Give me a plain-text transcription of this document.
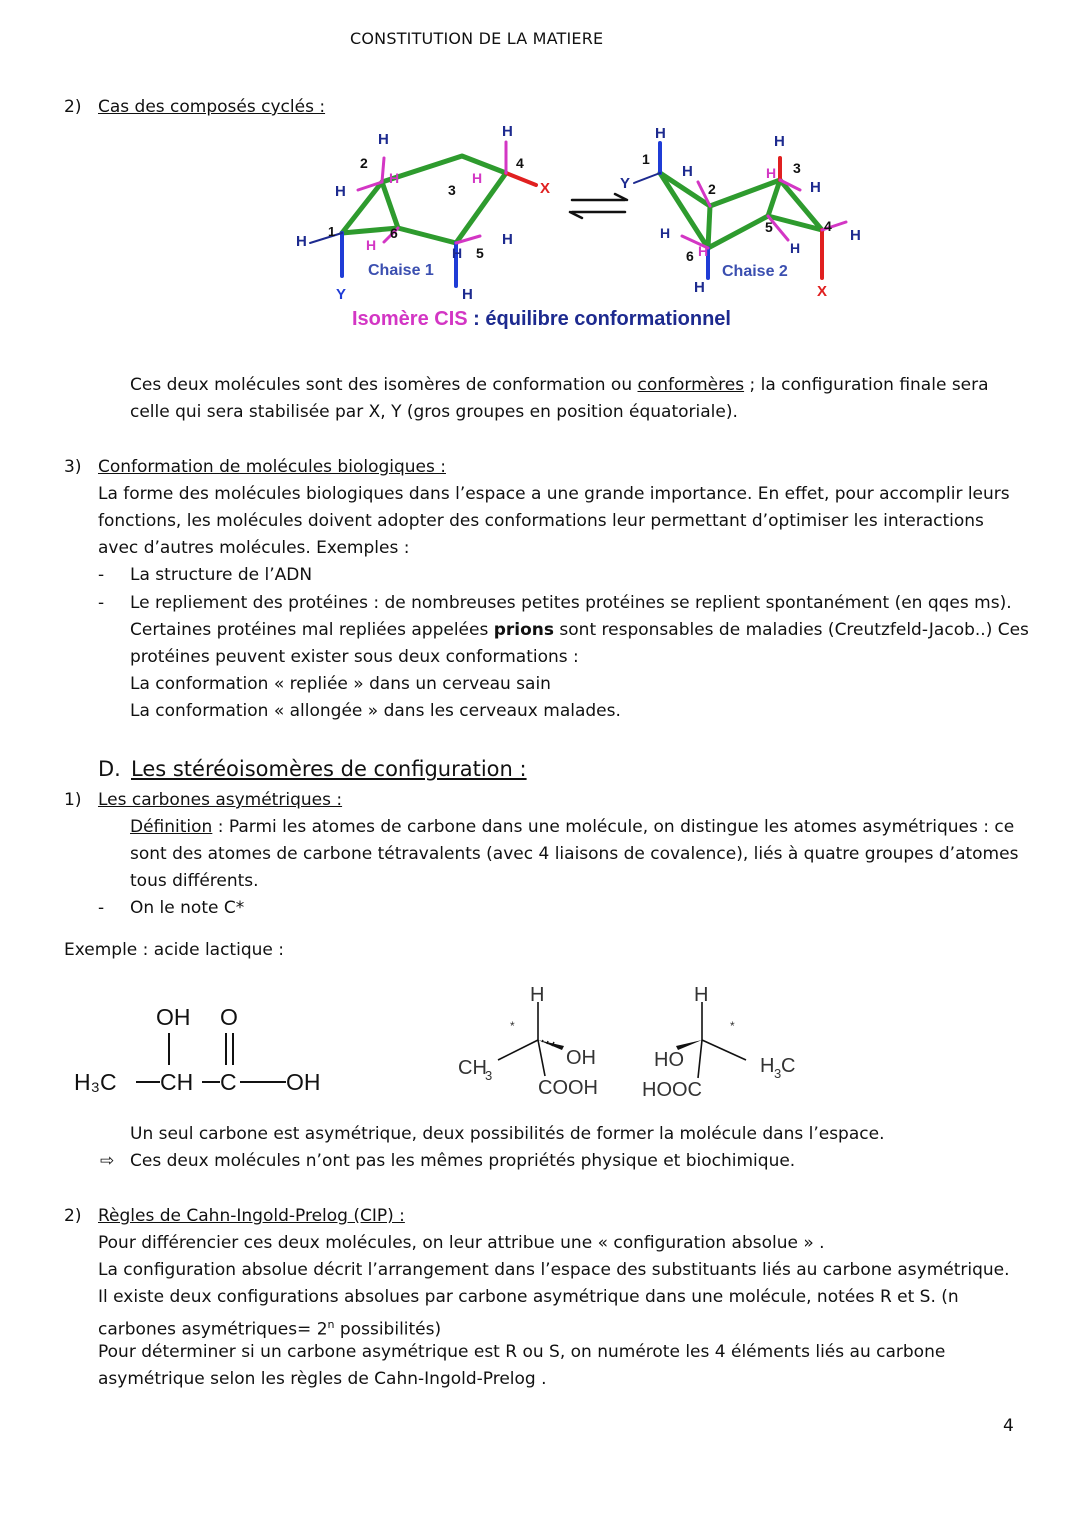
CONSTITUTION DE LA MATIERE
2) Cas des composés cyclés :
H	H
2
H
H	3
H
4
X
1
H	6
H	H 5
H
Y	H
Chaise 1
H
1
Y
H
2
H
H 3
H
5
H
4
H
H
6 H
H	X
Chaise 2
Isomère CIS : équilibre conformationnel
Ces deux molécules sont des isomères de conformation ou conformères ; la configuration finale sera
celle qui sera stabilisée par X, Y (gros groupes en position équatoriale).
3) Conformation de molécules biologiques :
La forme des molécules biologiques dans l’espace a une grande importance. En effet, pour accomplir leurs
fonctions, les molécules doivent adopter des conformations leur permettant d’optimiser les interactions
avec d’autres molécules. Exemples :
- La structure de l’ADN
- Le repliement des protéines : de nombreuses petites protéines se replient spontanément (en qqes ms).
Certaines protéines mal repliées appelées prions sont responsables de maladies (Creutzfeld-Jacob..) Ces
protéines peuvent exister sous deux conformations :
La conformation « repliée » dans un cerveau sain
La conformation « allongée » dans les cerveaux malades.
D. Les stéréoisomères de configuration :
1) Les carbones asymétriques :
Définition : Parmi les atomes de carbone dans une molécule, on distingue les atomes asymétriques : ce
sont des atomes de carbone tétravalents (avec 4 liaisons de covalence), liés à quatre groupes d’atomes
tous différents.
- On le note C*
Exemple : acide lactique :
OH O
H₃C CH C OH
H
*
CH
3
OH
COOH
H
*
HO
HOOC
H 3 C
Un seul carbone est asymétrique, deux possibilités de former la molécule dans l’espace.
⇨ Ces deux molécules n’ont pas les mêmes propriétés physique et biochimique.
2) Règles de Cahn-Ingold-Prelog (CIP) :
Pour différencier ces deux molécules, on leur attribue une « configuration absolue » .
La configuration absolue décrit l’arrangement dans l’espace des substituants liés au carbone asymétrique.
Il existe deux configurations absolues par carbone asymétrique dans une molécule, notées R et S. (n
carbones asymétriques= $2^n$ possibilités)
Pour déterminer si un carbone asymétrique est R ou S, on numérote les 4 éléments liés au carbone
asymétrique selon les règles de Cahn-Ingold-Prelog .
4
